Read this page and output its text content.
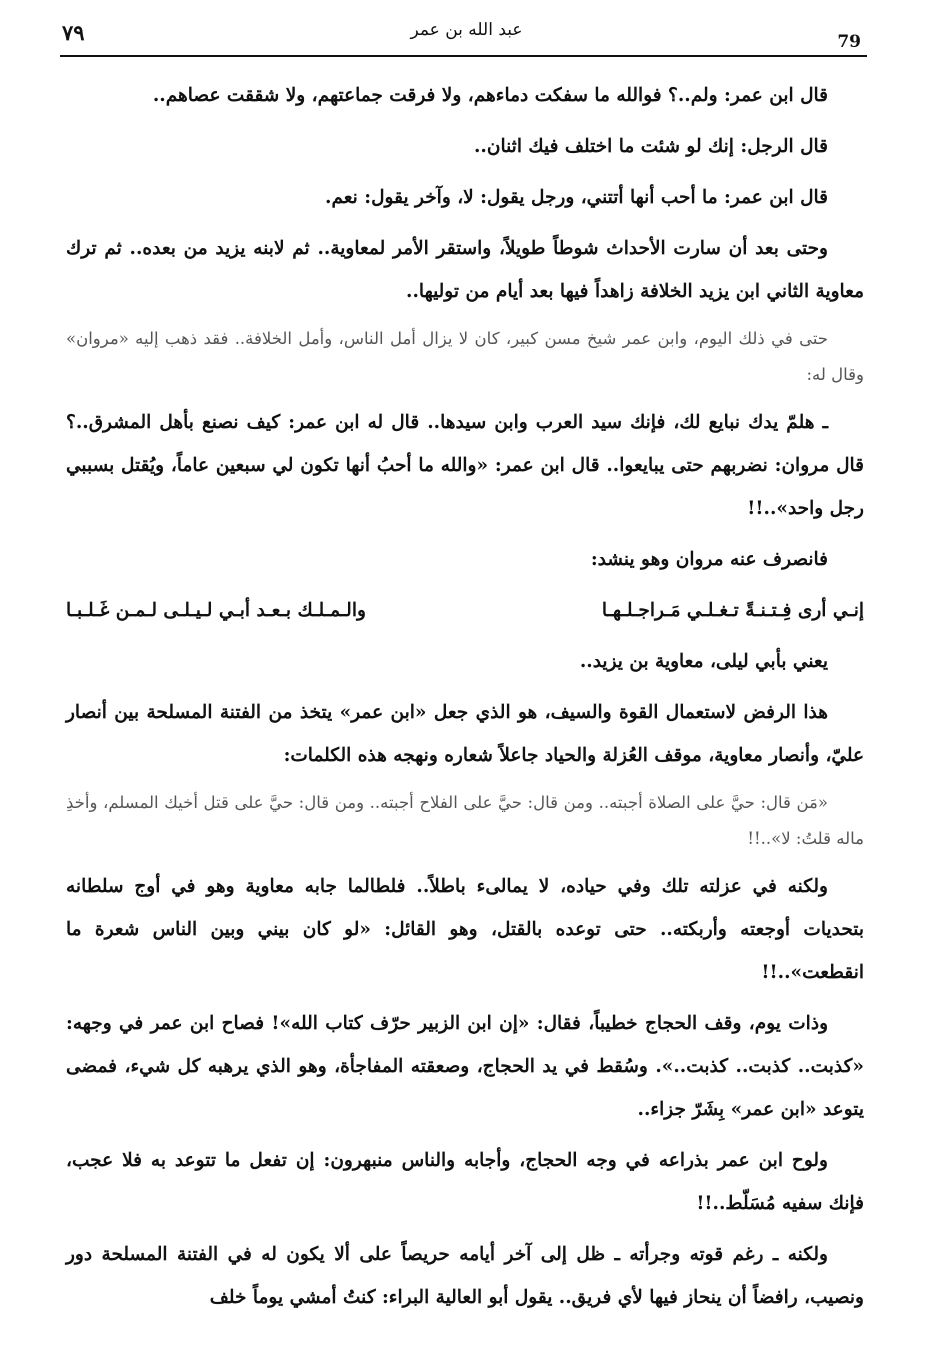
عبد الله بن عمر
٧٩	79

قال ابن عمر: ولم..؟ فوالله ما سفكت دماءهم، ولا فرقت جماعتهم، ولا شققت عصاهم..

قال الرجل: إنك لو شئت ما اختلف فيك اثنان..

قال ابن عمر: ما أحب أنها أتتني، ورجل يقول: لا، وآخر يقول: نعم.

وحتى بعد أن سارت الأحداث شوطاً طويلاً، واستقر الأمر لمعاوية.. ثم لابنه يزيد من بعده.. ثم ترك معاوية الثاني ابن يزيد الخلافة زاهداً فيها بعد أيام من توليها..

حتى في ذلك اليوم، وابن عمر شيخ مسن كبير، كان لا يزال أمل الناس، وأمل الخلافة.. فقد ذهب إليه «مروان» وقال له:

ـ هلمّ يدك نبايع لك، فإنك سيد العرب وابن سيدها.. قال له ابن عمر: كيف نصنع بأهل المشرق..؟ قال مروان: نضربهم حتى يبايعوا.. قال ابن عمر: «والله ما أحبُ أنها تكون لي سبعين عاماً، ويُقتل بسببي رجل واحد»..!!

فانصرف عنه مروان وهو ينشد:

إنـي أرى فِـتـنـةً تـغـلـي مَـراجـلـهـا
والـمـلـك بـعـد أبـي لـيـلـى لـمـن غَـلـبـا

يعني بأبي ليلى، معاوية بن يزيد..

هذا الرفض لاستعمال القوة والسيف، هو الذي جعل «ابن عمر» يتخذ من الفتنة المسلحة بين أنصار عليّ، وأنصار معاوية، موقف العُزلة والحياد جاعلاً شعاره ونهجه هذه الكلمات:

«مَن قال: حيَّ على الصلاة أجبته.. ومن قال: حيَّ على الفلاح أجبته.. ومن قال: حيَّ على قتل أخيك المسلم، وأخذِ ماله قلتُ: لا»..!!

ولكنه في عزلته تلك وفي حياده، لا يمالىء باطلاً.. فلطالما جابه معاوية وهو في أوج سلطانه بتحديات أوجعته وأربكته.. حتى توعده بالقتل، وهو القائل: «لو كان بيني وبين الناس شعرة ما انقطعت»..!!

وذات يوم، وقف الحجاج خطيباً، فقال: «إن ابن الزبير حرّف كتاب الله»! فصاح ابن عمر في وجهه: «كذبت.. كذبت.. كذبت..». وسُقط في يد الحجاج، وصعقته المفاجأة، وهو الذي يرهبه كل شيء، فمضى يتوعد «ابن عمر» بِشَرّ جزاء..

ولوح ابن عمر بذراعه في وجه الحجاج، وأجابه والناس منبهرون: إن تفعل ما تتوعد به فلا عجب، فإنك سفيه مُسَلّط..!!

ولكنه ـ رغم قوته وجرأته ـ ظل إلى آخر أيامه حريصاً على ألا يكون له في الفتنة المسلحة دور ونصيب، رافضاً أن ينحاز فيها لأي فريق.. يقول أبو العالية البراء: كنتُ أمشي يوماً خلف
